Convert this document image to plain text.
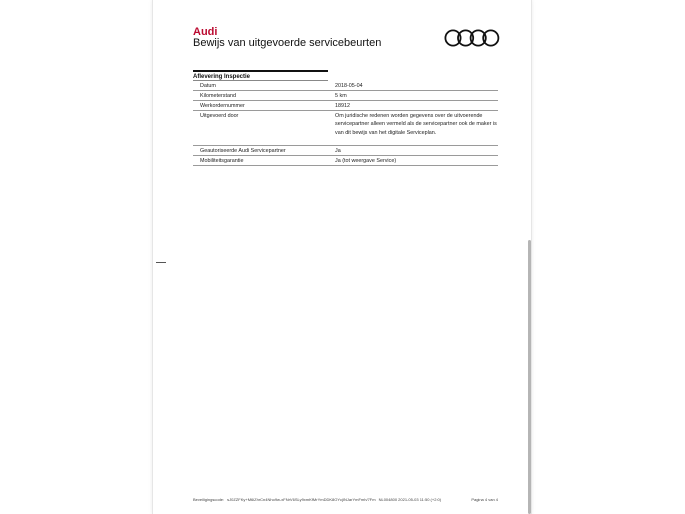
Audi
Bewijs van uitgevoerde servicebeurten
Aflevering Inspectie
Datum	2018-05-04
Kilometerstand	5 km
Werkordernummer	18912
Uitgevoerd door	Om juridische redenen worden gegevens over de uitvoerende
servicepartner alleen vermeld als de servicepartner ook de maker is
van dit bewijs van het digitale Serviceplan.
Geautoriseerde Audi Servicepartner	Ja
Mobiliteitsgarantie	Ja (tot weergave Service)
Beveiligingscode: sJ0ZZFKy+M6iZhrCn4Nho9w-xFNrV6SLy9xmKfMrYmDDK8OYcjINJarYmFmh/7Fm NL004800 2021-05-03 11:50 (+2:0)	Pagina 4 van 4
